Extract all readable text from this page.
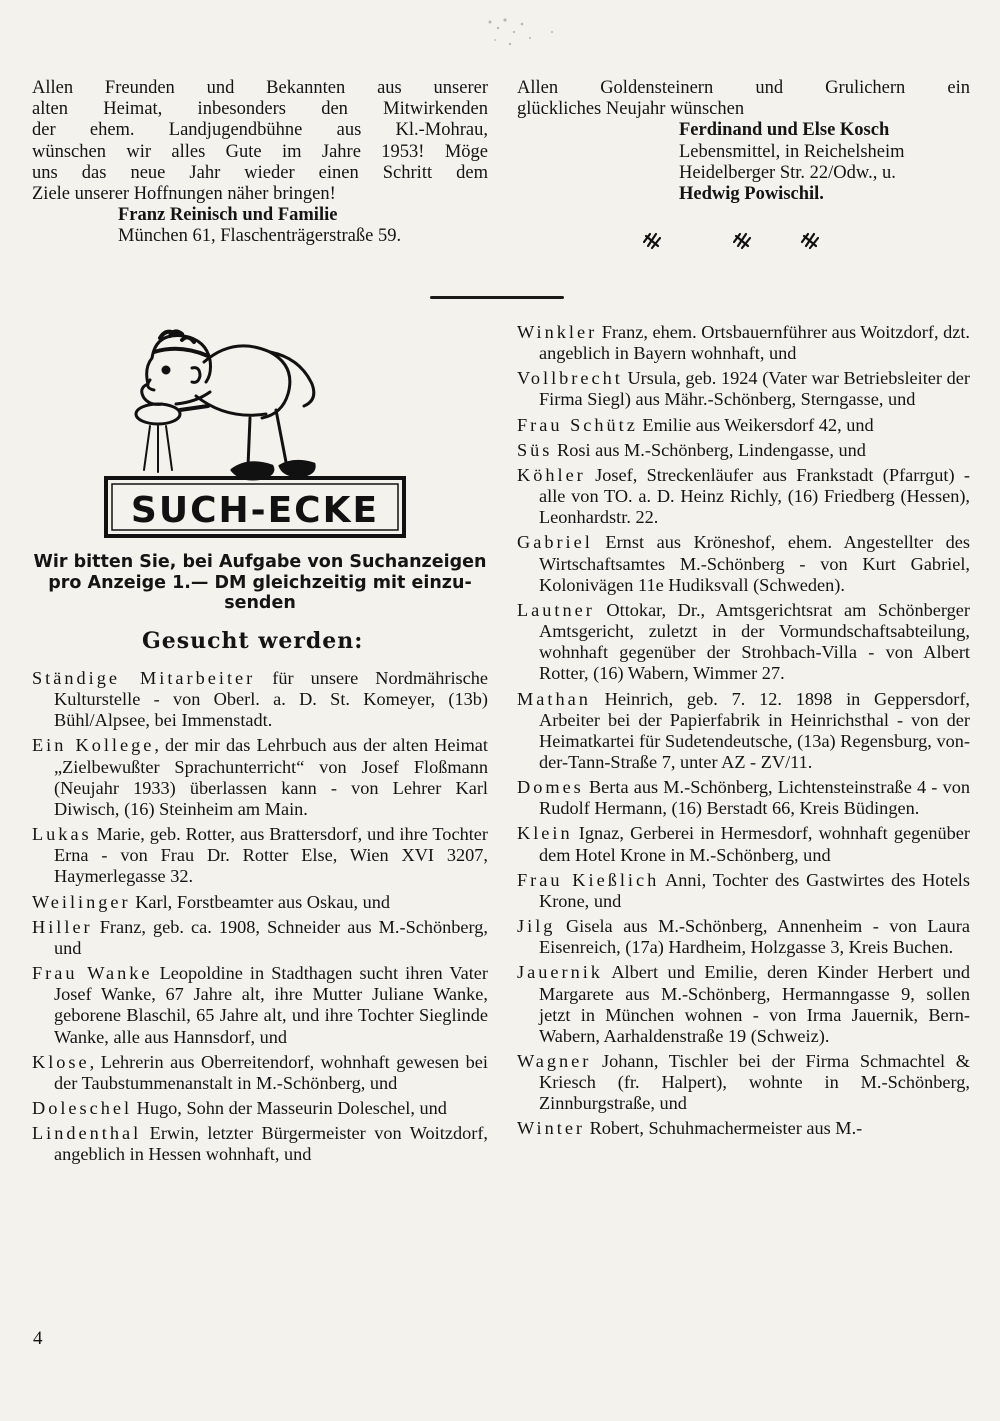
Allen Freunden und Bekannten aus unserer
alten Heimat, inbesonders den Mitwirkenden
der ehem. Landjugendbühne aus Kl.-Mohrau,
wünschen wir alles Gute im Jahre 1953! Möge
uns das neue Jahr wieder einen Schritt dem
Ziele unserer Hoffnungen näher bringen!
Franz Reinisch und Familie
München 61, Flaschenträgerstraße 59.
Allen Goldensteinern und Grulichern ein
glückliches Neujahr wünschen
Ferdinand und Else Kosch
Lebensmittel, in Reichelsheim
Heidelberger Str. 22/Odw., u.
Hedwig Powischil.
SUCH-ECKE
Wir bitten Sie, bei Aufgabe von Suchanzeigen
pro Anzeige 1.— DM gleichzeitig mit einzu-
senden
Gesucht werden:

Ständige Mitarbeiter für unsere Nordmährische Kulturstelle - von Oberl. a. D. St. Komeyer, (13b) Bühl/Alpsee, bei Immenstadt.

Ein Kollege, der mir das Lehrbuch aus der alten Heimat „Zielbewußter Sprachunterricht“ von Josef Floßmann (Neujahr 1933) überlassen kann - von Lehrer Karl Diwisch, (16) Steinheim am Main.

Lukas Marie, geb. Rotter, aus Brattersdorf, und ihre Tochter Erna - von Frau Dr. Rotter Else, Wien XVI 3207, Haymerlegasse 32.

Weilinger Karl, Forstbeamter aus Oskau, und

Hiller Franz, geb. ca. 1908, Schneider aus M.-Schönberg, und

Frau Wanke Leopoldine in Stadthagen sucht ihren Vater Josef Wanke, 67 Jahre alt, ihre Mutter Juliane Wanke, geborene Blaschil, 65 Jahre alt, und ihre Tochter Sieglinde Wanke, alle aus Hannsdorf, und

Klose, Lehrerin aus Oberreitendorf, wohnhaft gewesen bei der Taubstummenanstalt in M.-Schönberg, und

Doleschel Hugo, Sohn der Masseurin Doleschel, und

Lindenthal Erwin, letzter Bürgermeister von Woitzdorf, angeblich in Hessen wohnhaft, und

Winkler Franz, ehem. Ortsbauernführer aus Woitzdorf, dzt. angeblich in Bayern wohnhaft, und

Vollbrecht Ursula, geb. 1924 (Vater war Betriebsleiter der Firma Siegl) aus Mähr.-Schönberg, Sterngasse, und

Frau Schütz Emilie aus Weikersdorf 42, und

Süs Rosi aus M.-Schönberg, Lindengasse, und

Köhler Josef, Streckenläufer aus Frankstadt (Pfarrgut) - alle von TO. a. D. Heinz Richly, (16) Friedberg (Hessen), Leonhardstr. 22.

Gabriel Ernst aus Kröneshof, ehem. Angestellter des Wirtschaftsamtes M.-Schönberg - von Kurt Gabriel, Kolonivägen 11e Hudiksvall (Schweden).

Lautner Ottokar, Dr., Amtsgerichtsrat am Schönberger Amtsgericht, zuletzt in der Vormundschaftsabteilung, wohnhaft gegenüber der Strohbach-Villa - von Albert Rotter, (16) Wabern, Wimmer 27.

Mathan Heinrich, geb. 7. 12. 1898 in Geppersdorf, Arbeiter bei der Papierfabrik in Heinrichsthal - von der Heimatkartei für Sudetendeutsche, (13a) Regensburg, von-der-Tann-Straße 7, unter AZ - ZV/11.

Domes Berta aus M.-Schönberg, Lichtensteinstraße 4 - von Rudolf Hermann, (16) Berstadt 66, Kreis Büdingen.

Klein Ignaz, Gerberei in Hermesdorf, wohnhaft gegenüber dem Hotel Krone in M.-Schönberg, und

Frau Kießlich Anni, Tochter des Gastwirtes des Hotels Krone, und

Jilg Gisela aus M.-Schönberg, Annenheim - von Laura Eisenreich, (17a) Hardheim, Holzgasse 3, Kreis Buchen.

Jauernik Albert und Emilie, deren Kinder Herbert und Margarete aus M.-Schönberg, Hermanngasse 9, sollen jetzt in München wohnen - von Irma Jauernik, Bern-Wabern, Aarhaldenstraße 19 (Schweiz).

Wagner Johann, Tischler bei der Firma Schmachtel & Kriesch (fr. Halpert), wohnte in M.-Schönberg, Zinnburgstraße, und

Winter Robert, Schuhmachermeister aus M.-

4
